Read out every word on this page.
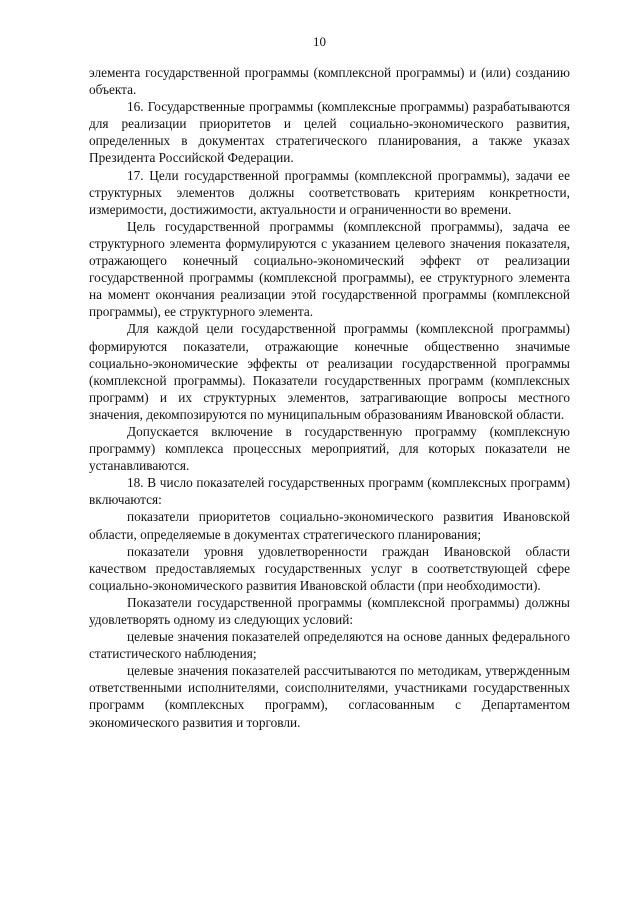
10

элемента государственной программы (комплексной программы) и (или) созданию объекта.

16. Государственные программы (комплексные программы) разрабатываются для реализации приоритетов и целей социально-экономического развития, определенных в документах стратегического планирования, а также указах Президента Российской Федерации.

17. Цели государственной программы (комплексной программы), задачи ее структурных элементов должны соответствовать критериям конкретности, измеримости, достижимости, актуальности и ограниченности во времени.

Цель государственной программы (комплексной программы), задача ее структурного элемента формулируются с указанием целевого значения показателя, отражающего конечный социально-экономический эффект от реализации государственной программы (комплексной программы), ее структурного элемента на момент окончания реализации этой государственной программы (комплексной программы), ее структурного элемента.

Для каждой цели государственной программы (комплексной программы) формируются показатели, отражающие конечные общественно значимые социально-экономические эффекты от реализации государственной программы (комплексной программы). Показатели государственных программ (комплексных программ) и их структурных элементов, затрагивающие вопросы местного значения, декомпозируются по муниципальным образованиям Ивановской области.

Допускается включение в государственную программу (комплексную программу) комплекса процессных мероприятий, для которых показатели не устанавливаются.

18. В число показателей государственных программ (комплексных программ) включаются:

показатели приоритетов социально-экономического развития Ивановской области, определяемые в документах стратегического планирования;

показатели уровня удовлетворенности граждан Ивановской области качеством предоставляемых государственных услуг в соответствующей сфере социально-экономического развития Ивановской области (при необходимости).

Показатели государственной программы (комплексной программы) должны удовлетворять одному из следующих условий:

целевые значения показателей определяются на основе данных федерального статистического наблюдения;

целевые значения показателей рассчитываются по методикам, утвержденным ответственными исполнителями, соисполнителями, участниками государственных программ (комплексных программ), согласованным с Департаментом экономического развития и торговли.
